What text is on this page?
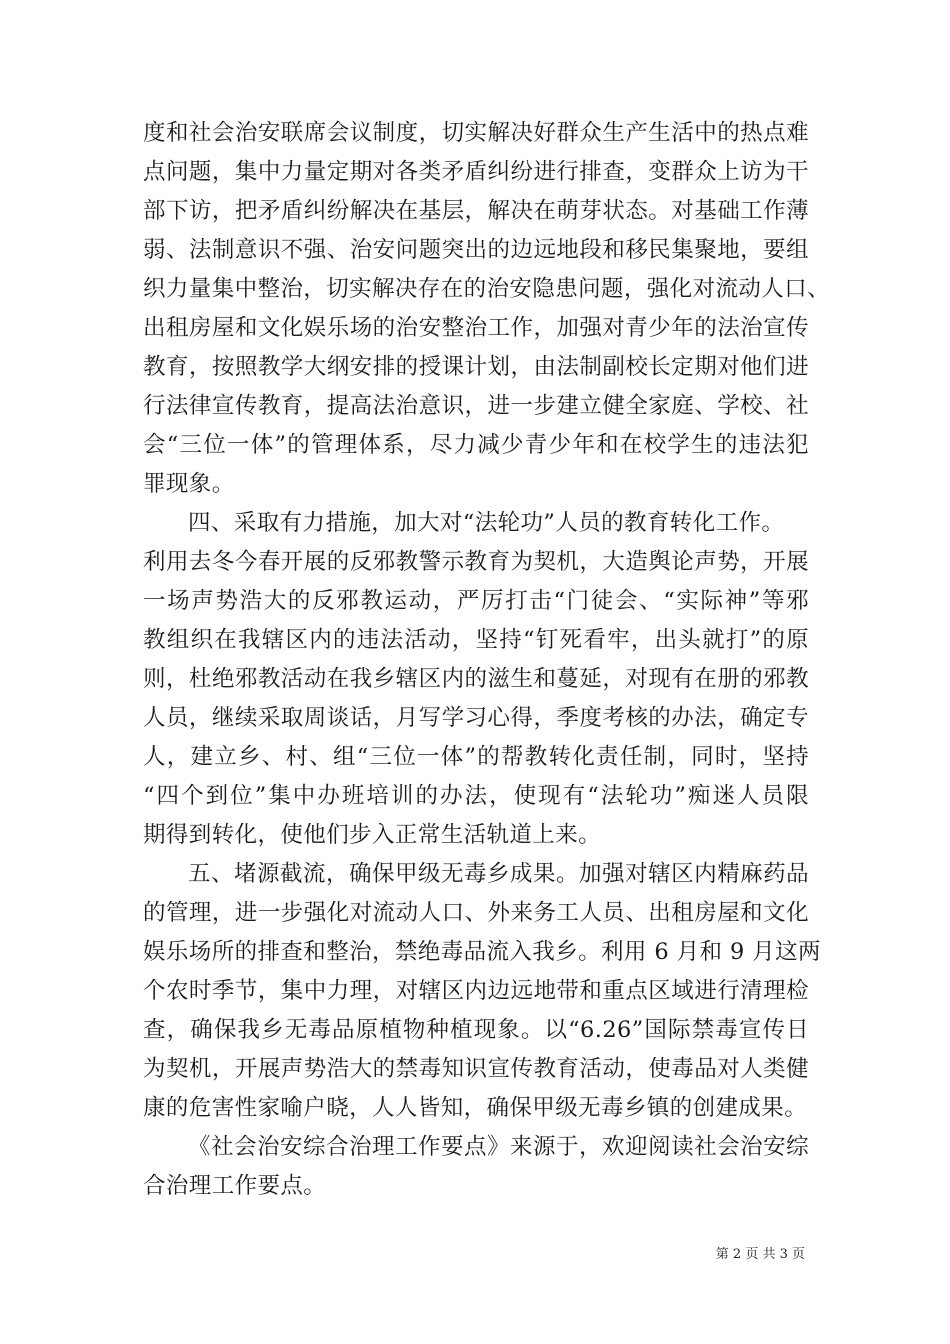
度和社会治安联席会议制度，切实解决好群众生产生活中的热点难
点问题，集中力量定期对各类矛盾纠纷进行排查，变群众上访为干
部下访，把矛盾纠纷解决在基层，解决在萌芽状态。对基础工作薄
弱、法制意识不强、治安问题突出的边远地段和移民集聚地，要组
织力量集中整治，切实解决存在的治安隐患问题，强化对流动人口、
出租房屋和文化娱乐场的治安整治工作，加强对青少年的法治宣传
教育，按照教学大纲安排的授课计划，由法制副校长定期对他们进
行法律宣传教育，提高法治意识，进一步建立健全家庭、学校、社
会“三位一体”的管理体系，尽力减少青少年和在校学生的违法犯
罪现象。
四、采取有力措施，加大对“法轮功”人员的教育转化工作。
利用去冬今春开展的反邪教警示教育为契机，大造舆论声势，开展
一场声势浩大的反邪教运动，严厉打击“门徒会、“实际神”等邪
教组织在我辖区内的违法活动，坚持“钉死看牢，出头就打”的原
则，杜绝邪教活动在我乡辖区内的滋生和蔓延，对现有在册的邪教
人员，继续采取周谈话，月写学习心得，季度考核的办法，确定专
人，建立乡、村、组“三位一体”的帮教转化责任制，同时，坚持
“四个到位”集中办班培训的办法，使现有“法轮功”痴迷人员限
期得到转化，使他们步入正常生活轨道上来。
五、堵源截流，确保甲级无毒乡成果。加强对辖区内精麻药品
的管理，进一步强化对流动人口、外来务工人员、出租房屋和文化
娱乐场所的排查和整治，禁绝毒品流入我乡。利用 6 月和 9 月这两
个农时季节，集中力理，对辖区内边远地带和重点区域进行清理检
查，确保我乡无毒品原植物种植现象。以“6.26”国际禁毒宣传日
为契机，开展声势浩大的禁毒知识宣传教育活动，使毒品对人类健
康的危害性家喻户晓，人人皆知，确保甲级无毒乡镇的创建成果。
《社会治安综合治理工作要点》来源于，欢迎阅读社会治安综
合治理工作要点。
第 2 页 共 3 页
